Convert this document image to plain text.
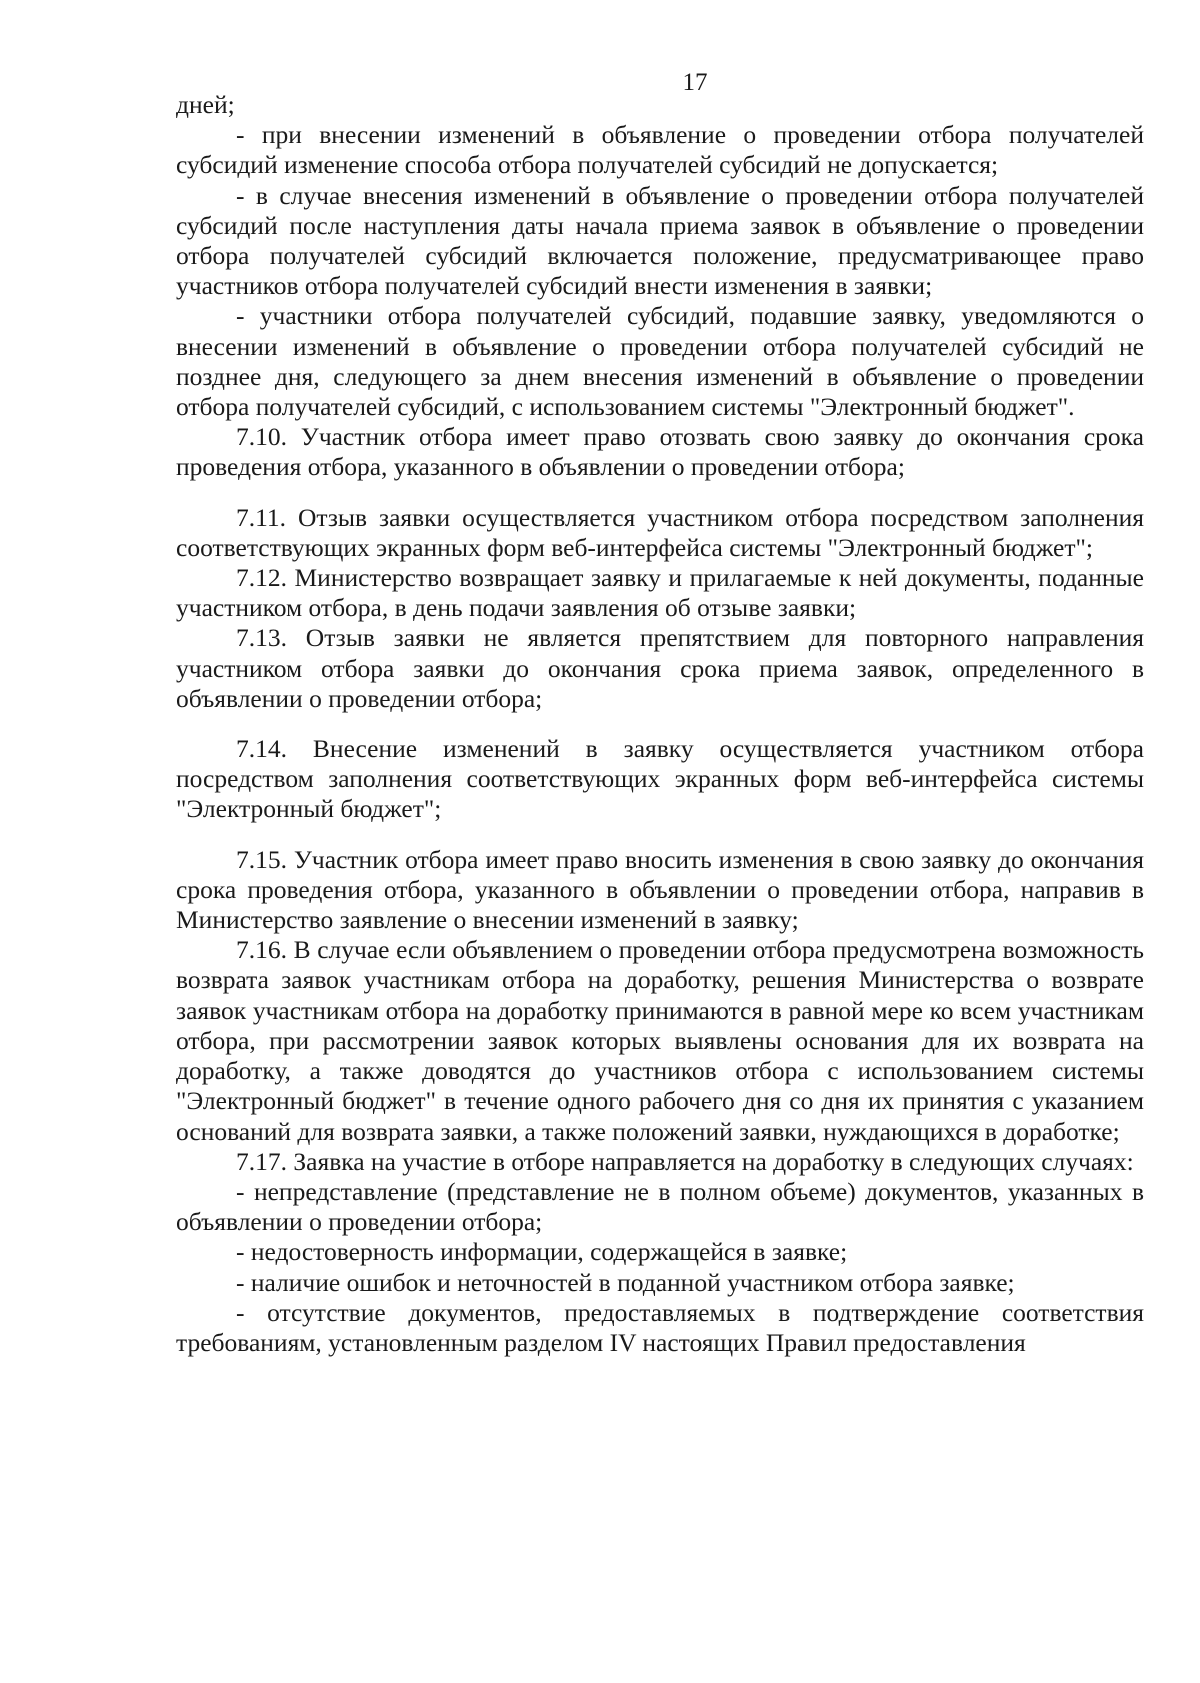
17

дней;

- при внесении изменений в объявление о проведении отбора получателей субсидий изменение способа отбора получателей субсидий не допускается;

- в случае внесения изменений в объявление о проведении отбора получателей субсидий после наступления даты начала приема заявок в объявление о проведении отбора получателей субсидий включается положение, предусматривающее право участников отбора получателей субсидий внести изменения в заявки;

- участники отбора получателей субсидий, подавшие заявку, уведомляются о внесении изменений в объявление о проведении отбора получателей субсидий не позднее дня, следующего за днем внесения изменений в объявление о проведении отбора получателей субсидий, с использованием системы "Электронный бюджет".

7.10. Участник отбора имеет право отозвать свою заявку до окончания срока проведения отбора, указанного в объявлении о проведении отбора;

7.11. Отзыв заявки осуществляется участником отбора посредством заполнения соответствующих экранных форм веб-интерфейса системы "Электронный бюджет";

7.12. Министерство возвращает заявку и прилагаемые к ней документы, поданные участником отбора, в день подачи заявления об отзыве заявки;

7.13. Отзыв заявки не является препятствием для повторного направления участником отбора заявки до окончания срока приема заявок, определенного в объявлении о проведении отбора;

7.14. Внесение изменений в заявку осуществляется участником отбора посредством заполнения соответствующих экранных форм веб-интерфейса системы "Электронный бюджет";

7.15. Участник отбора имеет право вносить изменения в свою заявку до окончания срока проведения отбора, указанного в объявлении о проведении отбора, направив в Министерство заявление о внесении изменений в заявку;

7.16. В случае если объявлением о проведении отбора предусмотрена возможность возврата заявок участникам отбора на доработку, решения Министерства о возврате заявок участникам отбора на доработку принимаются в равной мере ко всем участникам отбора, при рассмотрении заявок которых выявлены основания для их возврата на доработку, а также доводятся до участников отбора с использованием системы "Электронный бюджет" в течение одного рабочего дня со дня их принятия с указанием оснований для возврата заявки, а также положений заявки, нуждающихся в доработке;

7.17. Заявка на участие в отборе направляется на доработку в следующих случаях:

- непредставление (представление не в полном объеме) документов, указанных в объявлении о проведении отбора;

- недостоверность информации, содержащейся в заявке;

- наличие ошибок и неточностей в поданной участником отбора заявке;

- отсутствие документов, предоставляемых в подтверждение соответствия требованиям, установленным разделом IV настоящих Правил предоставления
